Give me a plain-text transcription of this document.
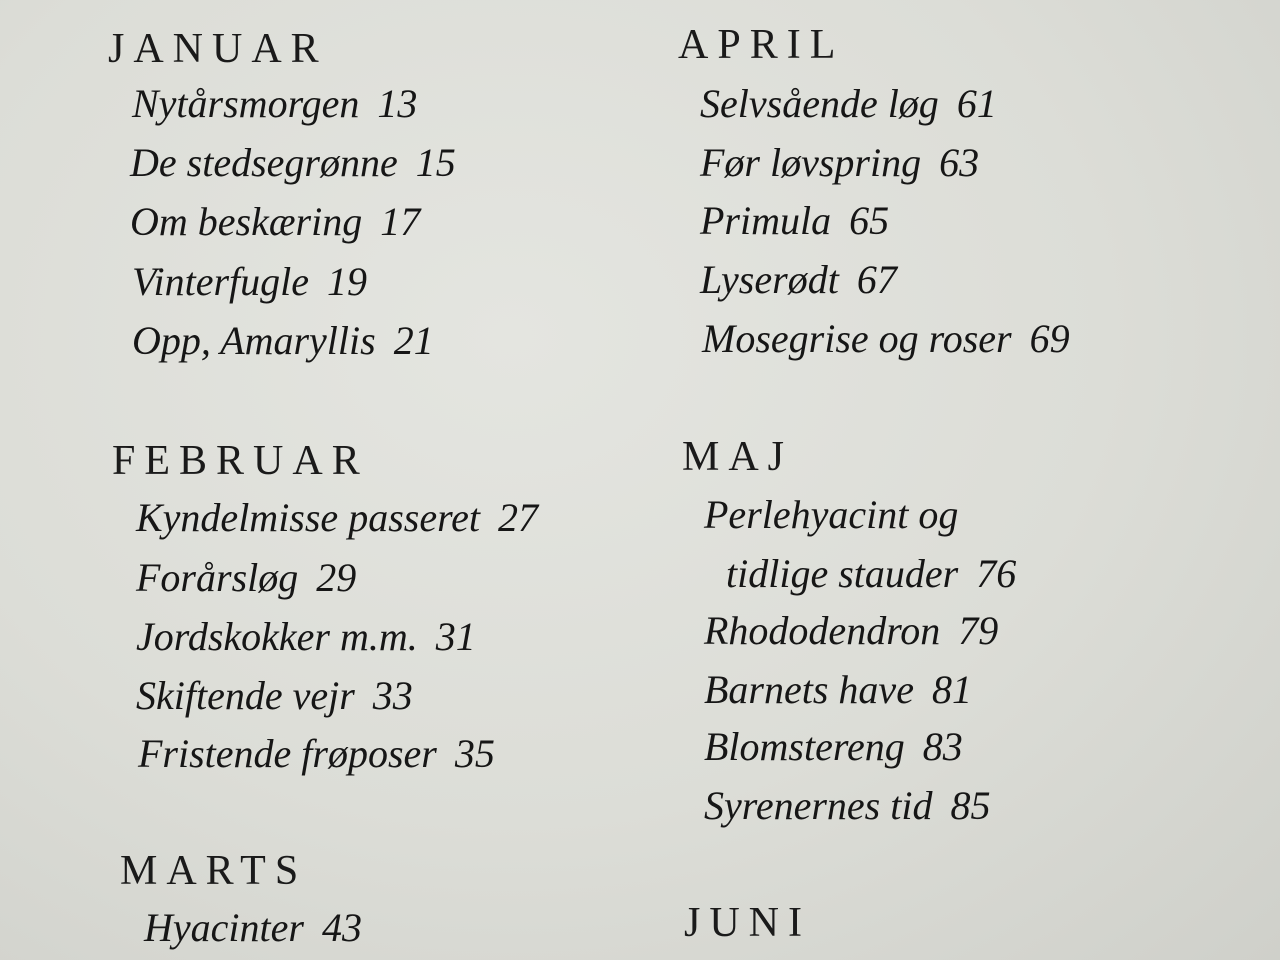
JANUAR
Nytårsmorgen 13
De stedsegrønne 15
Om beskæring 17
Vinterfugle 19
Opp, Amaryllis 21
FEBRUAR
Kyndelmisse passeret 27
Forårsløg 29
Jordskokker m.m. 31
Skiftende vejr 33
Fristende frøposer 35
MARTS
Hyacinter 43
APRIL
Selvsående løg 61
Før løvspring 63
Primula 65
Lyserødt 67
Mosegrise og roser 69
MAJ
Perlehyacint og
tidlige stauder 76
Rhododendron 79
Barnets have 81
Blomstereng 83
Syrenernes tid 85
JUNI
